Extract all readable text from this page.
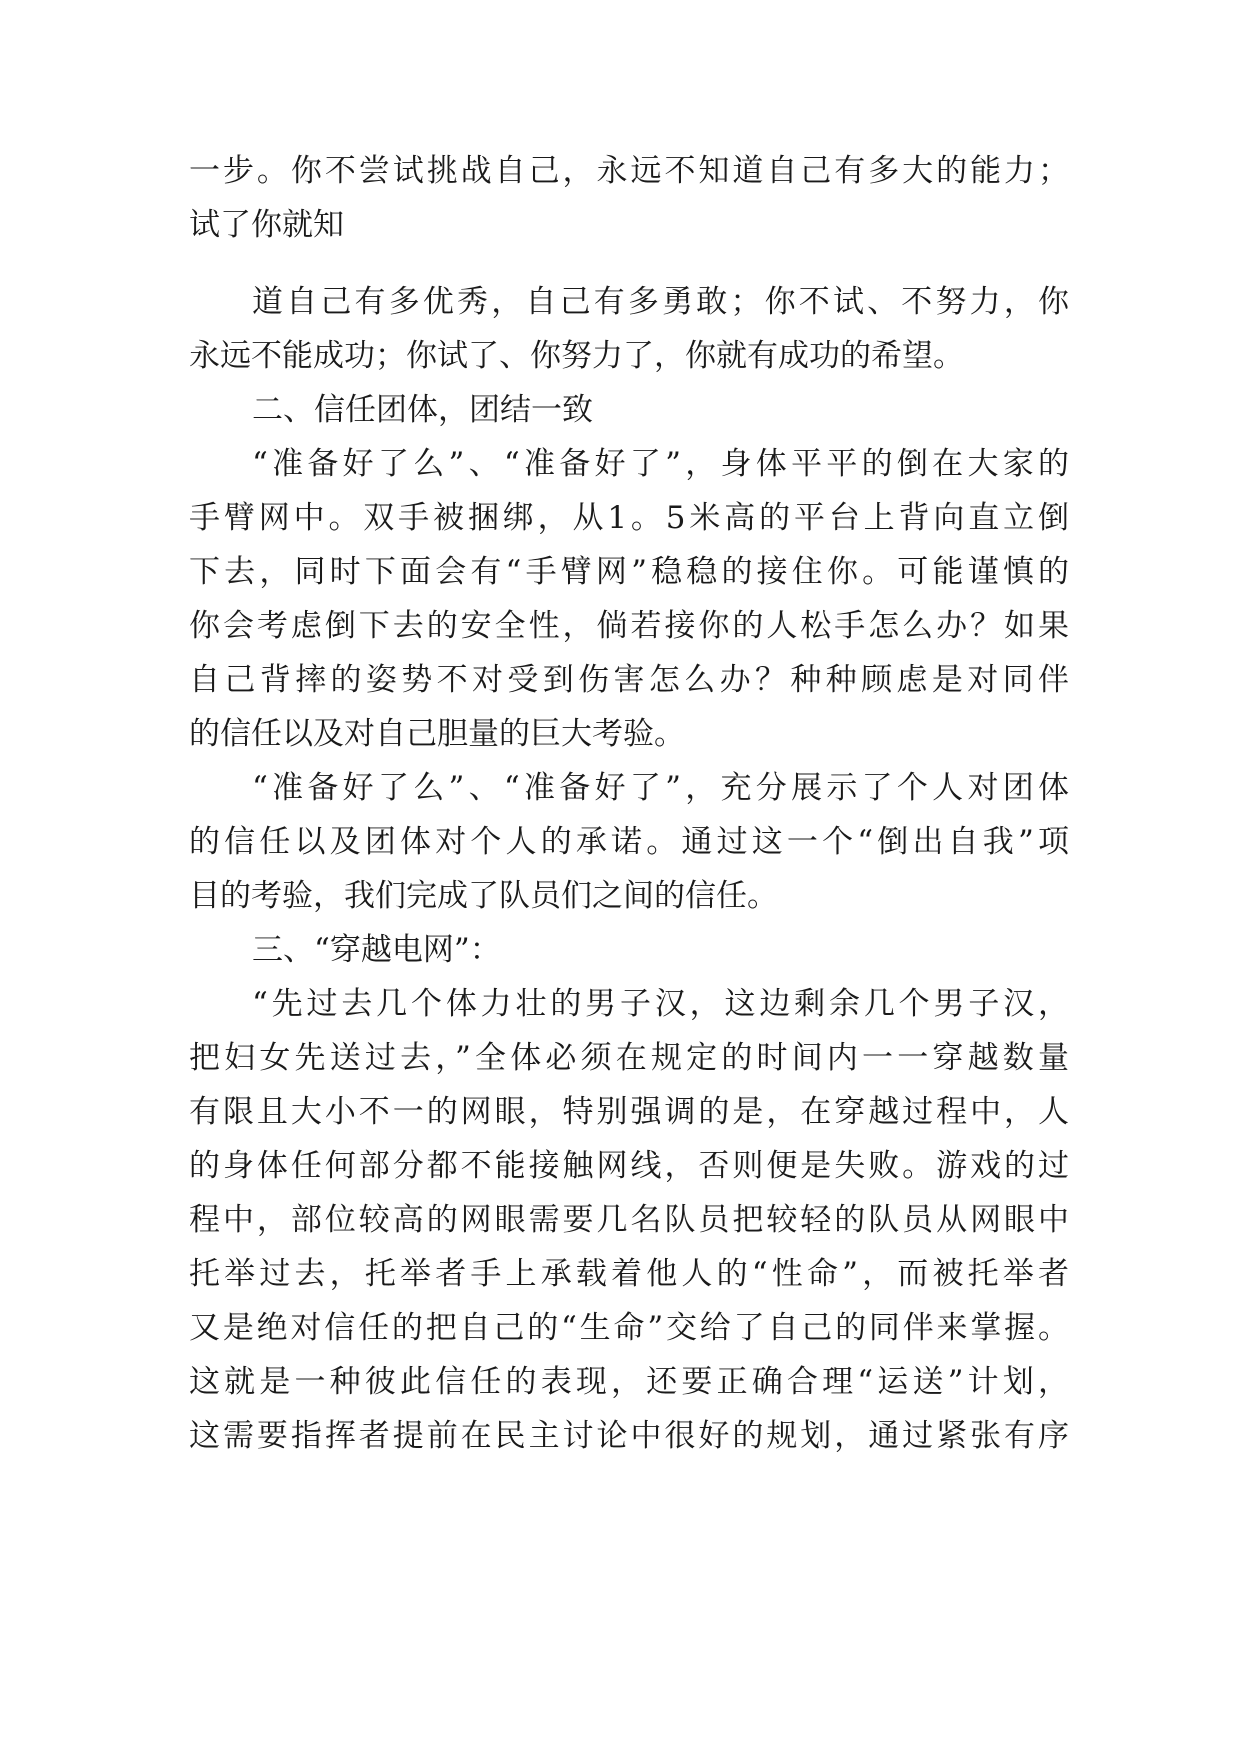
一步。你不尝试挑战自己，永远不知道自己有多大的能力；

试了你就知

道自己有多优秀，自己有多勇敢；你不试、不努力，你

永远不能成功；你试了、你努力了，你就有成功的希望。

二、信任团体，团结一致

“准备好了么”、“准备好了”，身体平平的倒在大家的

手臂网中。双手被捆绑，从1。5米高的平台上背向直立倒

下去，同时下面会有“手臂网”稳稳的接住你。可能谨慎的

你会考虑倒下去的安全性，倘若接你的人松手怎么办？如果

自己背摔的姿势不对受到伤害怎么办？种种顾虑是对同伴

的信任以及对自己胆量的巨大考验。

“准备好了么”、“准备好了”，充分展示了个人对团体

的信任以及团体对个人的承诺。通过这一个“倒出自我”项

目的考验，我们完成了队员们之间的信任。

三、“穿越电网”：

“先过去几个体力壮的男子汉，这边剩余几个男子汉，

把妇女先送过去，”全体必须在规定的时间内一一穿越数量

有限且大小不一的网眼，特别强调的是，在穿越过程中，人

的身体任何部分都不能接触网线，否则便是失败。游戏的过

程中，部位较高的网眼需要几名队员把较轻的队员从网眼中

托举过去，托举者手上承载着他人的“性命”，而被托举者

又是绝对信任的把自己的“生命”交给了自己的同伴来掌握。

这就是一种彼此信任的表现，还要正确合理“运送”计划，

这需要指挥者提前在民主讨论中很好的规划，通过紧张有序
